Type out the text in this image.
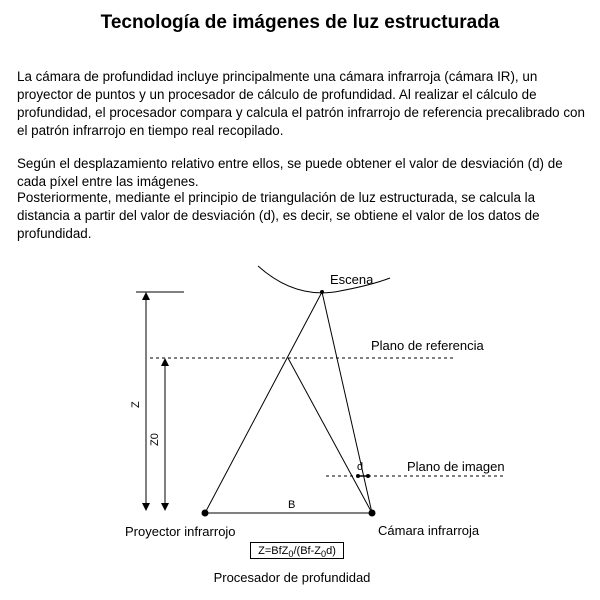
Tecnología de imágenes de luz estructurada

La cámara de profundidad incluye principalmente una cámara infrarroja (cámara IR), un proyector de puntos y un procesador de cálculo de profundidad. Al realizar el cálculo de profundidad, el procesador compara y calcula el patrón infrarrojo de referencia precalibrado con el patrón infrarrojo en tiempo real recopilado.

Según el desplazamiento relativo entre ellos, se puede obtener el valor de desviación (d) de cada píxel entre las imágenes.

Posteriormente, mediante el principio de triangulación de luz estructurada, se calcula la distancia a partir del valor de desviación (d), es decir, se obtiene el valor de los datos de profundidad.

Escena
Plano de referencia
Z
Z0
d	Plano de imagen
B
Proyector infrarrojo	Cámara infrarroja
$Z=BfZ_0/(Bf-Z_0d)$
Procesador de profundidad
